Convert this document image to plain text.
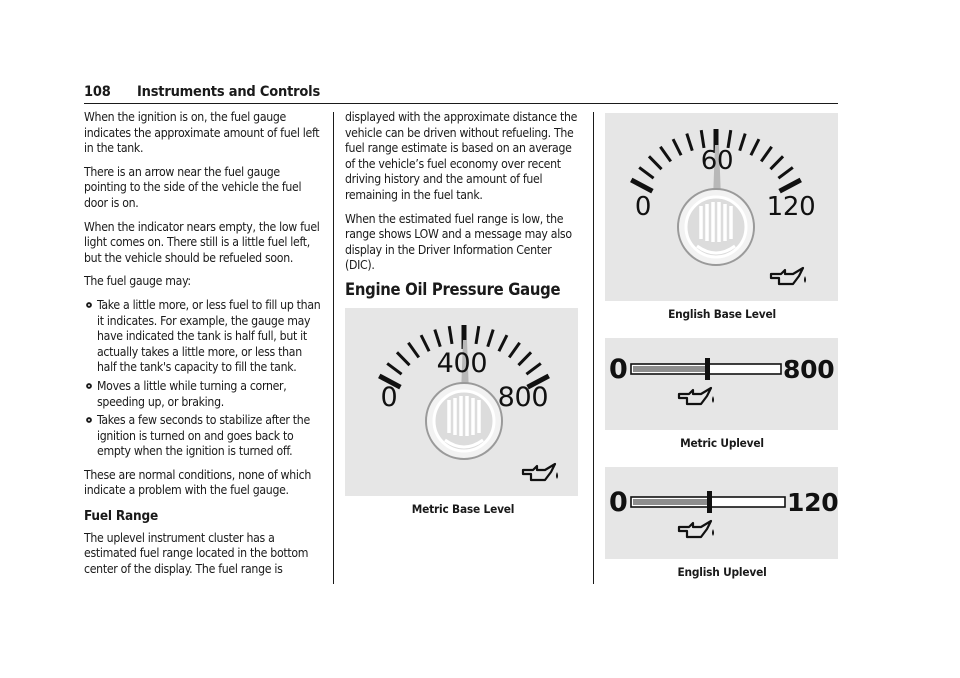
108 Instruments and Controls

When the ignition is on, the fuel gauge indicates the approximate amount of fuel left in the tank.

There is an arrow near the fuel gauge pointing to the side of the vehicle the fuel door is on.

When the indicator nears empty, the low fuel light comes on. There still is a little fuel left, but the vehicle should be refueled soon.

The fuel gauge may:

Take a little more, or less fuel to fill up than it indicates. For example, the gauge may have indicated the tank is half full, but it actually takes a little more, or less than half the tank's capacity to fill the tank.
Moves a little while turning a corner, speeding up, or braking.
Takes a few seconds to stabilize after the ignition is turned on and goes back to empty when the ignition is turned off.

These are normal conditions, none of which indicate a problem with the fuel gauge.

Fuel Range

The uplevel instrument cluster has a estimated fuel range located in the bottom center of the display. The fuel range is

displayed with the approximate distance the vehicle can be driven without refueling. The fuel range estimate is based on an average of the vehicle’s fuel economy over recent driving history and the amount of fuel remaining in the fuel tank.

When the estimated fuel range is low, the range shows LOW and a message may also display in the Driver Information Center (DIC).

Engine Oil Pressure Gauge
400
0	800
Metric Base Level
60
0	120
English Base Level
0	800
Metric Uplevel
0	120
English Uplevel
